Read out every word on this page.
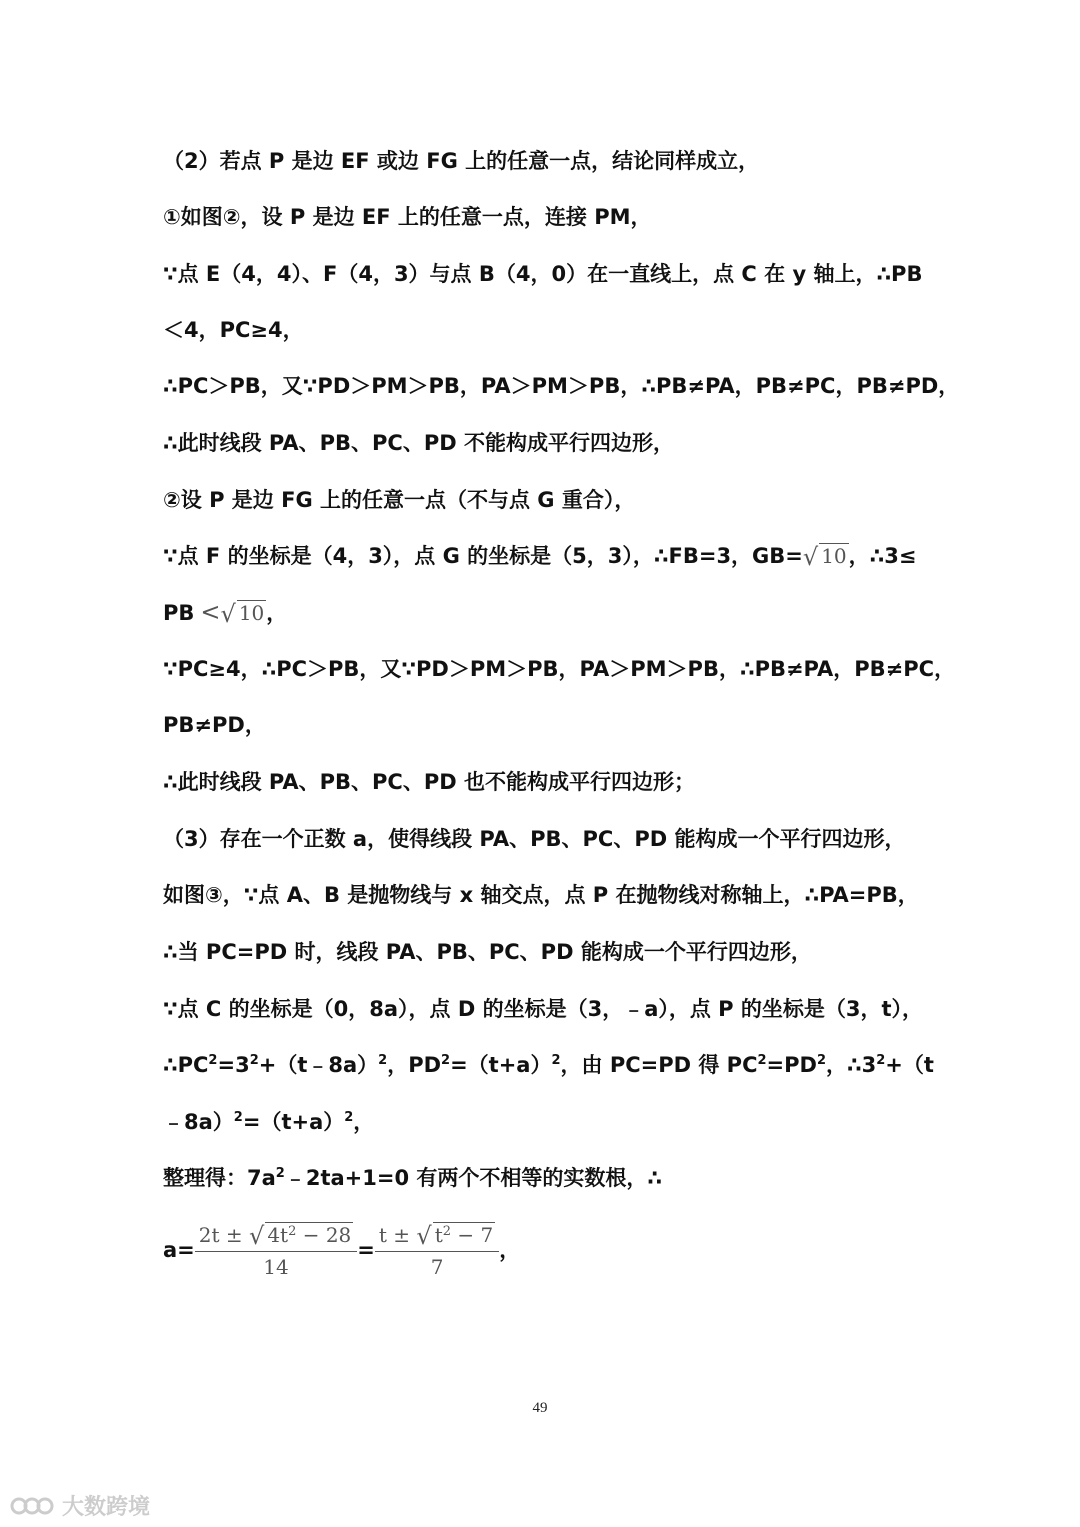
（2）若点 P 是边 EF 或边 FG 上的任意一点，结论同样成立，
①如图②，设 P 是边 EF 上的任意一点，连接 PM，
∵点 E（4，4）、F（4，3）与点 B（4，0）在一直线上，点 C 在 y 轴上，∴PB
＜4，PC≥4，
∴PC＞PB，又∵PD＞PM＞PB，PA＞PM＞PB，∴PB≠PA，PB≠PC，PB≠PD，
∴此时线段 PA、PB、PC、PD 不能构成平行四边形，
②设 P 是边 FG 上的任意一点（不与点 G 重合），
∵点 F 的坐标是（4，3），点 G 的坐标是（5，3），∴FB=3，GB=√ 10，∴3≤
PB <√ 10，
∵PC≥4，∴PC＞PB，又∵PD＞PM＞PB，PA＞PM＞PB，∴PB≠PA，PB≠PC，
PB≠PD，
∴此时线段 PA、PB、PC、PD 也不能构成平行四边形；
（3）存在一个正数 a，使得线段 PA、PB、PC、PD 能构成一个平行四边形，
如图③，∵点 A、B 是抛物线与 x 轴交点，点 P 在抛物线对称轴上，∴PA=PB，
∴当 PC=PD 时，线段 PA、PB、PC、PD 能构成一个平行四边形，
∵点 C 的坐标是（0，8a），点 D 的坐标是（3，﹣a），点 P 的坐标是（3，t），
$\therefore PC^2=3^2+(t﹣8a)^2$，$PD^2=(t+a)^2$，由 PC=PD 得 $PC^2=PD^2$，$\therefore 3^2+(t$
$﹣8a)^2=(t+a)^2$，
整理得：$7a^2﹣2ta+1=0$ 有两个不相等的实数根，∴
$a= \frac{2t \pm √ 4t^2 - 28}{14} = \frac{t \pm √ t^2 - 7}{7}$ ，
49
大数跨境
